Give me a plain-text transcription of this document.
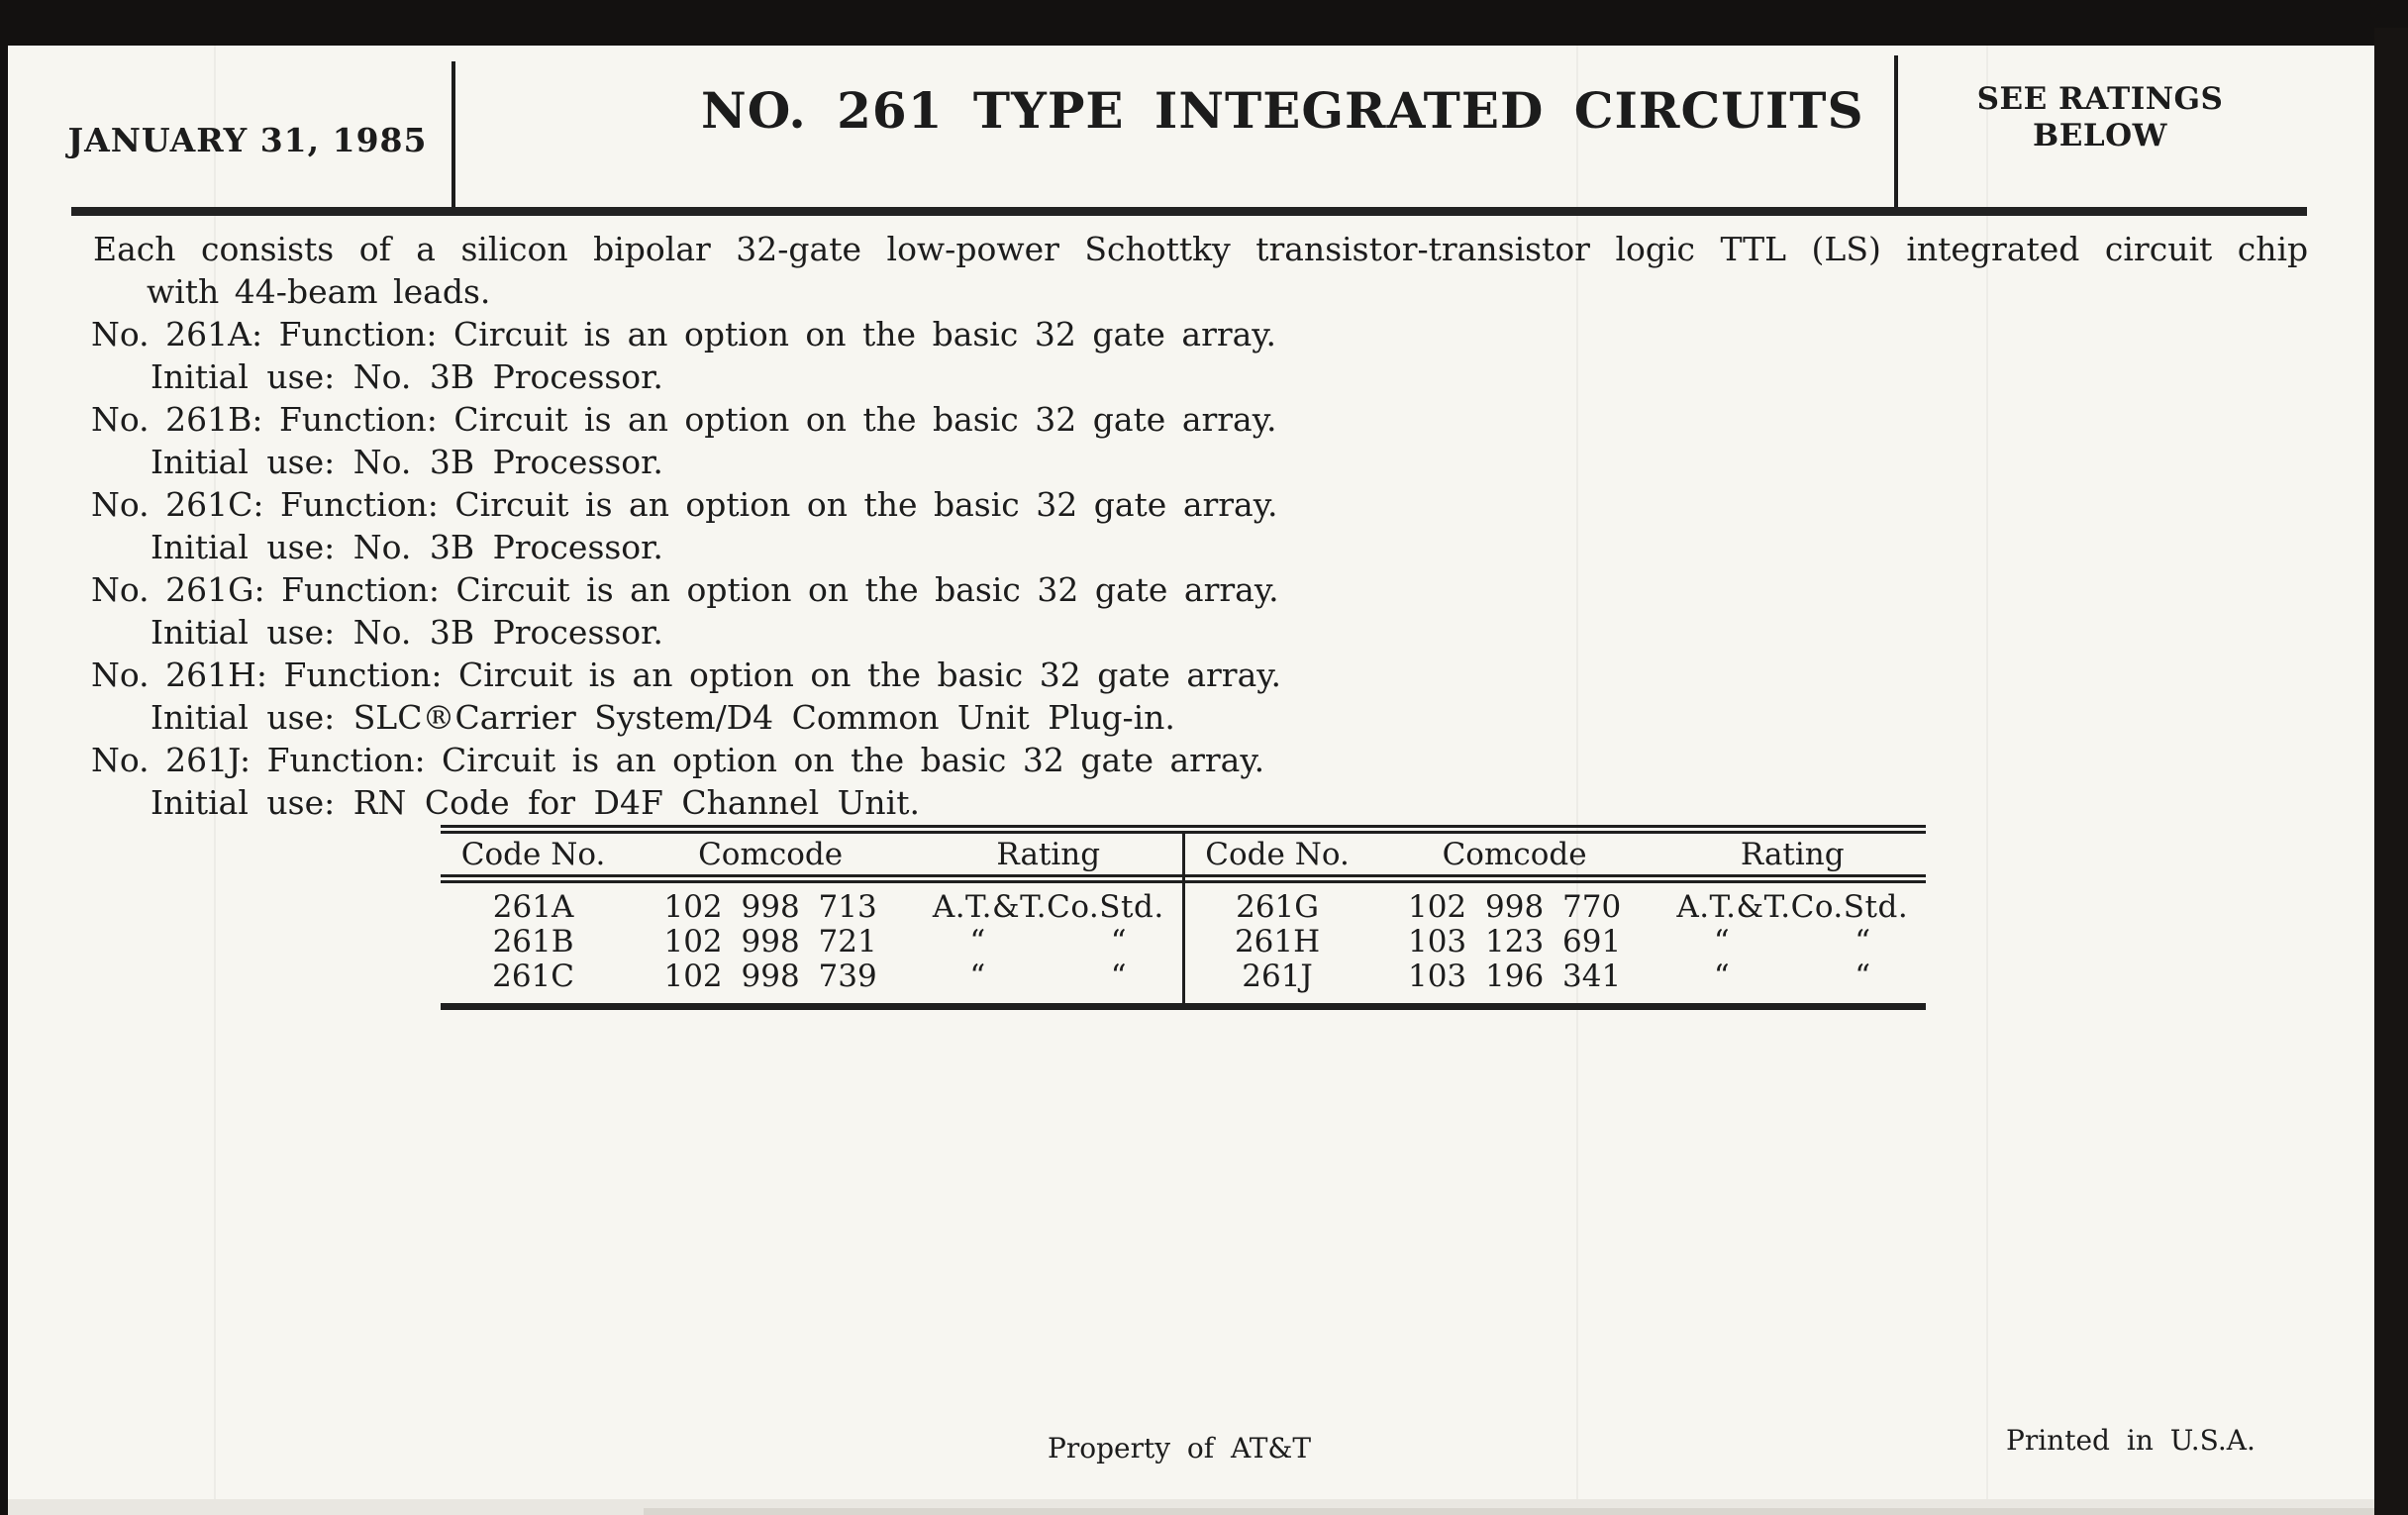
JANUARY 31, 1985
NO. 261 TYPE INTEGRATED CIRCUITS	SEE RATINGS
BELOW
Each consists of a silicon bipolar 32-gate low-power Schottky transistor-transistor logic TTL (LS) integrated circuit chip
with 44-beam leads.
No. 261A: Function: Circuit is an option on the basic 32 gate array.
Initial use: No. 3B Processor.
No. 261B: Function: Circuit is an option on the basic 32 gate array.
Initial use: No. 3B Processor.
No. 261C: Function: Circuit is an option on the basic 32 gate array.
Initial use: No. 3B Processor.
No. 261G: Function: Circuit is an option on the basic 32 gate array.
Initial use: No. 3B Processor.
No. 261H: Function: Circuit is an option on the basic 32 gate array.
Initial use: SLC®Carrier System/D4 Common Unit Plug-in.
No. 261J: Function: Circuit is an option on the basic 32 gate array.
Initial use: RN Code for D4F Channel Unit.
Code No.	Comcode	Rating
261A	102 998 713	A.T.&T.Co.Std.
261B	102 998 721	“    “
261C	102 998 739	“    “
Code No.	Comcode	Rating
261G	102 998 770	A.T.&T.Co.Std.
261H	103 123 691	“    “
261J	103 196 341	“    “
Property of AT&T	Printed in U.S.A.
